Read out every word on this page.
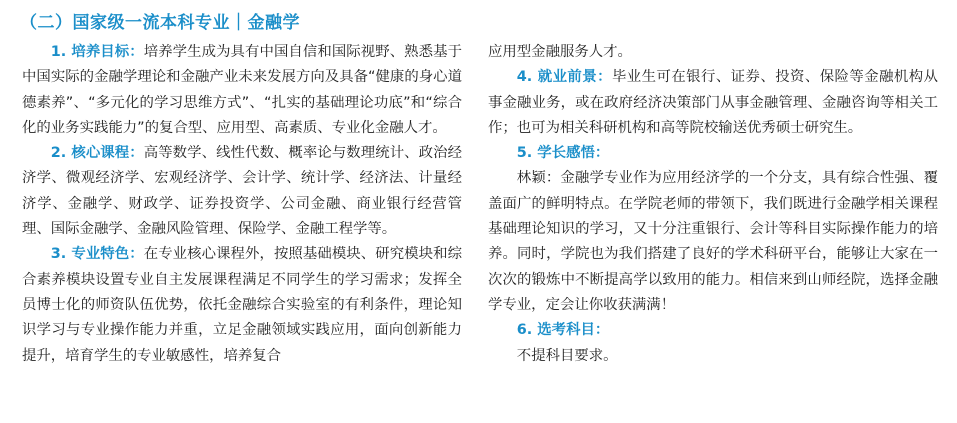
（二）国家级一流本科专业｜金融学

1. 培养目标：培养学生成为具有中国自信和国际视野、熟悉基于中国实际的金融学理论和金融产业未来发展方向及具备“健康的身心道德素养”、“多元化的学习思维方式”、“扎实的基础理论功底”和“综合化的业务实践能力”的复合型、应用型、高素质、专业化金融人才。

2. 核心课程：高等数学、线性代数、概率论与数理统计、政治经济学、微观经济学、宏观经济学、会计学、统计学、经济法、计量经济学、金融学、财政学、证券投资学、公司金融、商业银行经营管理、国际金融学、金融风险管理、保险学、金融工程学等。

3. 专业特色：在专业核心课程外，按照基础模块、研究模块和综合素养模块设置专业自主发展课程满足不同学生的学习需求；发挥全员博士化的师资队伍优势，依托金融综合实验室的有利条件，理论知识学习与专业操作能力并重，立足金融领域实践应用，面向创新能力提升，培育学生的专业敏感性，培养复合

应用型金融服务人才。

4. 就业前景：毕业生可在银行、证券、投资、保险等金融机构从事金融业务，或在政府经济决策部门从事金融管理、金融咨询等相关工作；也可为相关科研机构和高等院校输送优秀硕士研究生。

5. 学长感悟：

林颖：金融学专业作为应用经济学的一个分支，具有综合性强、覆盖面广的鲜明特点。在学院老师的带领下，我们既进行金融学相关课程基础理论知识的学习，又十分注重银行、会计等科目实际操作能力的培养。同时，学院也为我们搭建了良好的学术科研平台，能够让大家在一次次的锻炼中不断提高学以致用的能力。相信来到山师经院，选择金融学专业，定会让你收获满满！

6. 选考科目：

不提科目要求。
